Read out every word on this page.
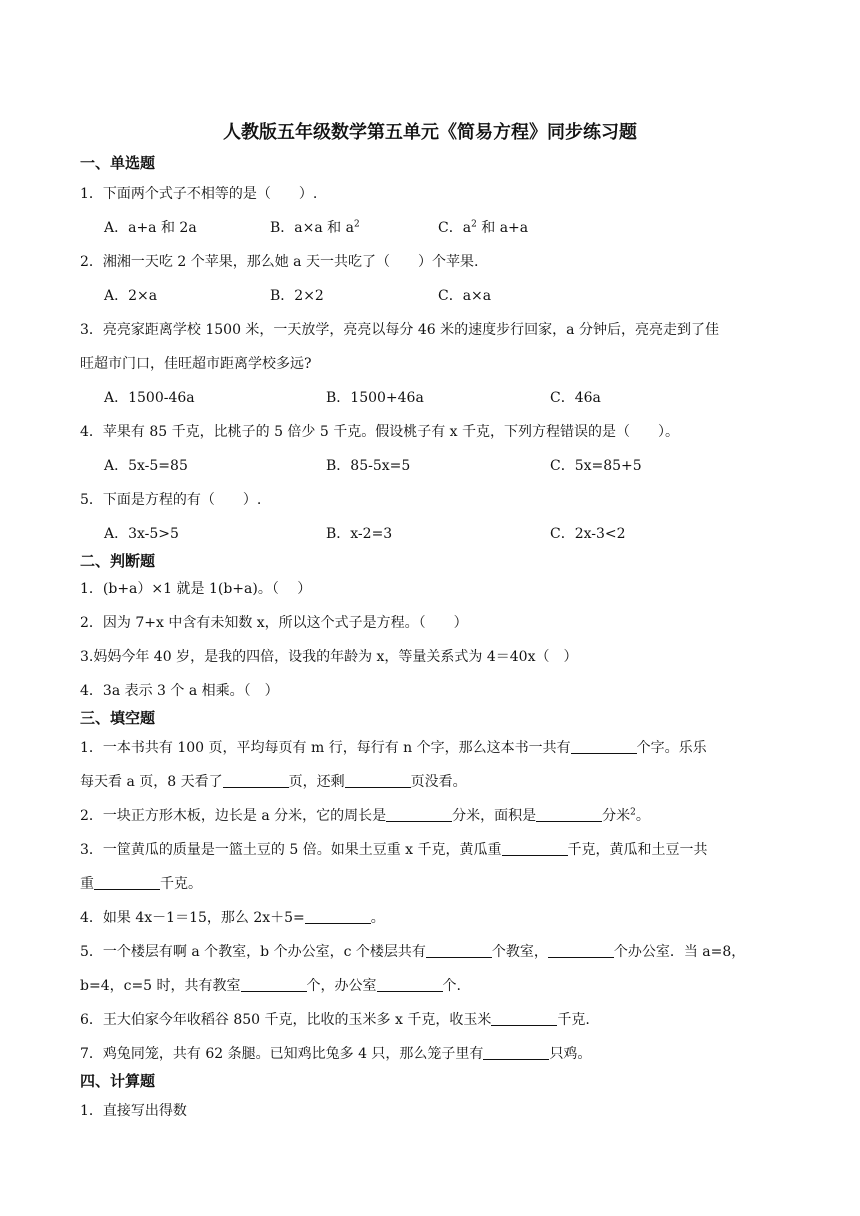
人教版五年级数学第五单元《简易方程》同步练习题
一、单选题
1．下面两个式子不相等的是（　　）.
A．a+a 和 2a	B．a×a 和 $a^2$	C．$a^2$ 和 a+a
2．湘湘一天吃 2 个苹果，那么她 a 天一共吃了（　　）个苹果.
A．2×a	B．2×2	C．a×a
3．亮亮家距离学校 1500 米，一天放学，亮亮以每分 46 米的速度步行回家，a 分钟后，亮亮走到了佳
旺超市门口，佳旺超市距离学校多远?
A．1500-46a	B．1500+46a	C．46a
4．苹果有 85 千克，比桃子的 5 倍少 5 千克。假设桃子有 x 千克，下列方程错误的是（　　）。
A．5x-5=85	B．85-5x=5	C．5x=85+5
5．下面是方程的有（　　）.
A．3x-5>5	B．x-2=3	C．2x-3<2
二、判断题
1．(b+a）×1 就是 1(b+a)。（　 ）
2．因为 7+x 中含有未知数 x，所以这个式子是方程。（　　）
3.妈妈今年 40 岁，是我的四倍，设我的年龄为 x，等量关系式为 4＝40x（　）
4．3a 表示 3 个 a 相乘。（　）
三、填空题
1．一本书共有 100 页，平均每页有 m 行，每行有 n 个字，那么这本书一共有	个字。乐乐
每天看 a 页，8 天看了	页，还剩	页没看。
2．一块正方形木板，边长是 a 分米，它的周长是	分米，面积是	分米$^2$。
3．一筐黄瓜的质量是一篮土豆的 5 倍。如果土豆重 x 千克，黄瓜重	千克，黄瓜和土豆一共
重	千克。
4．如果 4x－1＝15，那么 2x＋5=	。
5．一个楼层有啊 a 个教室，b 个办公室，c 个楼层共有	个教室，	个办公室．当 a=8，
b=4，c=5 时，共有教室	个，办公室	个.
6．王大伯家今年收稻谷 850 千克，比收的玉米多 x 千克，收玉米	千克.
7．鸡兔同笼，共有 62 条腿。已知鸡比兔多 4 只，那么笼子里有	只鸡。
四、计算题
1．直接写出得数
